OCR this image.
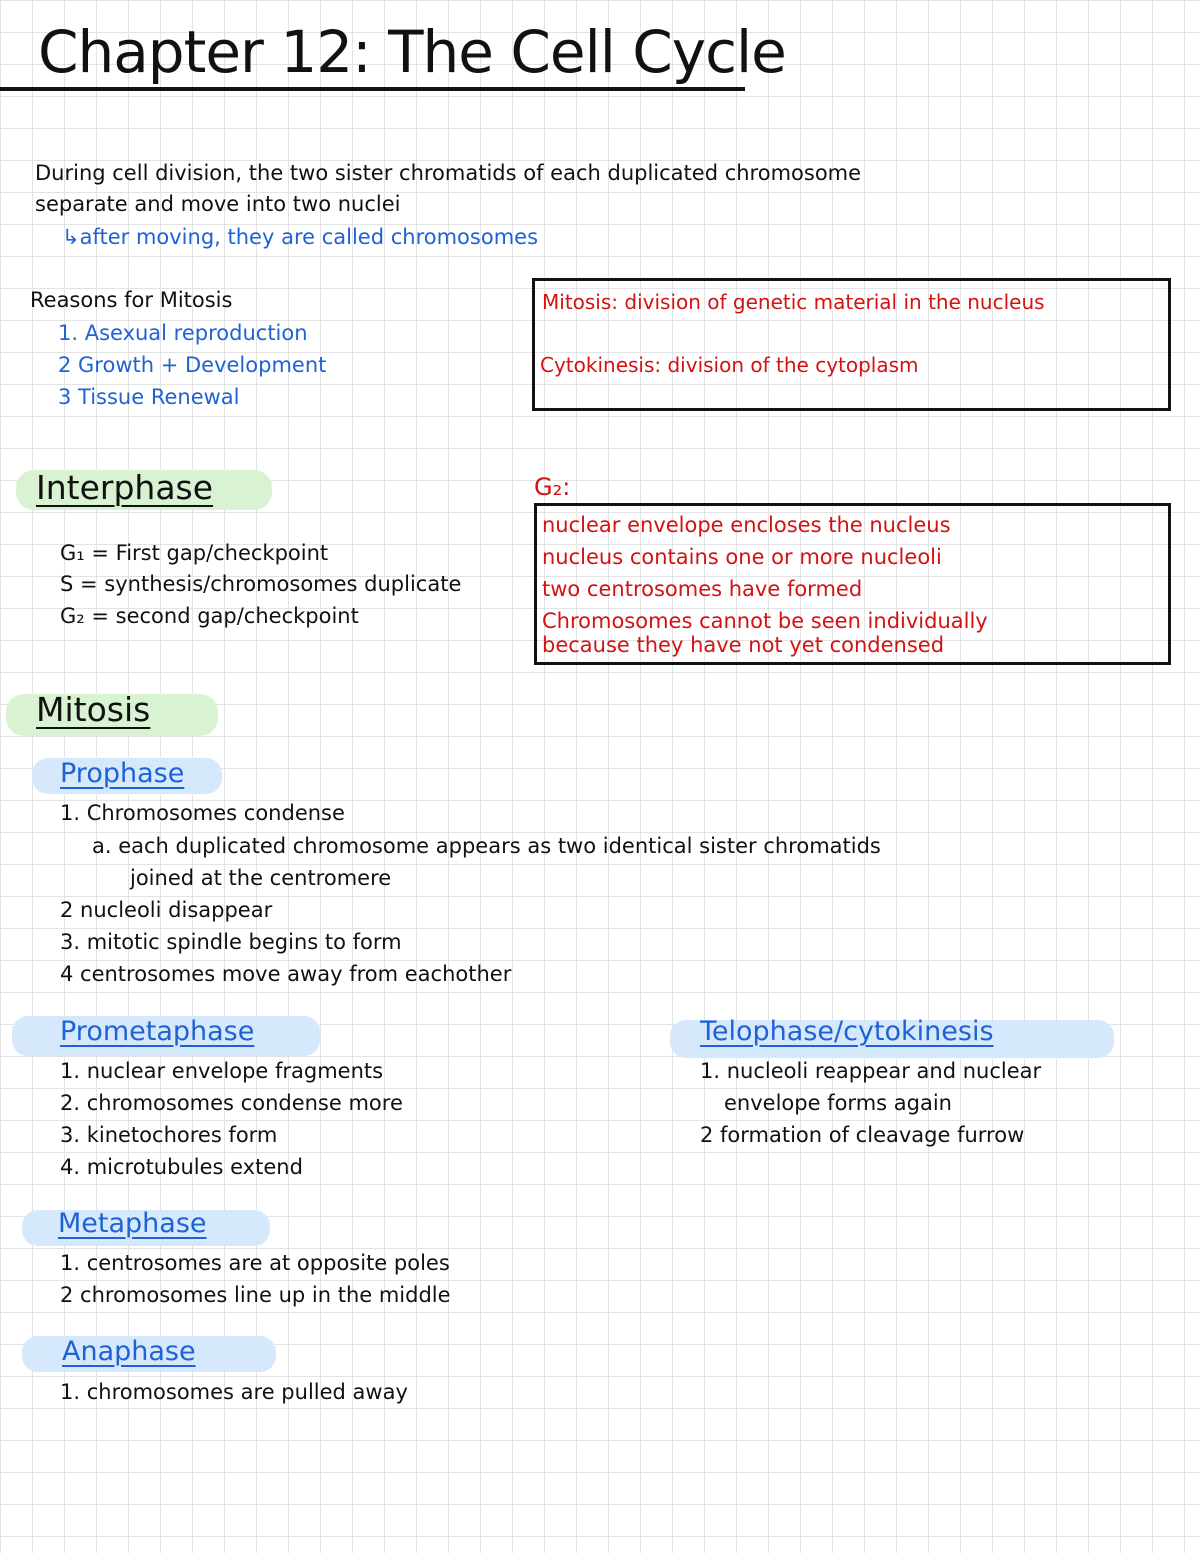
Chapter 12: The Cell Cycle
During cell division, the two sister chromatids of each duplicated chromosome
separate and move into two nuclei
↳after moving, they are called chromosomes
Reasons for Mitosis
1. Asexual reproduction
2 Growth + Development
3 Tissue Renewal
Mitosis: division of genetic material in the nucleus
Cytokinesis: division of the cytoplasm
Interphase
G₁ = First gap/checkpoint
S = synthesis/chromosomes duplicate
G₂ = second gap/checkpoint
G₂:
nuclear envelope encloses the nucleus
nucleus contains one or more nucleoli
two centrosomes have formed
Chromosomes cannot be seen individually
because they have not yet condensed
Mitosis
Prophase
1. Chromosomes condense
a. each duplicated chromosome appears as two identical sister chromatids
joined at the centromere
2 nucleoli disappear
3. mitotic spindle begins to form
4 centrosomes move away from eachother
Prometaphase
1. nuclear envelope fragments
2. chromosomes condense more
3. kinetochores form
4. microtubules extend
Telophase/cytokinesis
1. nucleoli reappear and nuclear
envelope forms again
2 formation of cleavage furrow
Metaphase
1. centrosomes are at opposite poles
2 chromosomes line up in the middle
Anaphase
1. chromosomes are pulled away
